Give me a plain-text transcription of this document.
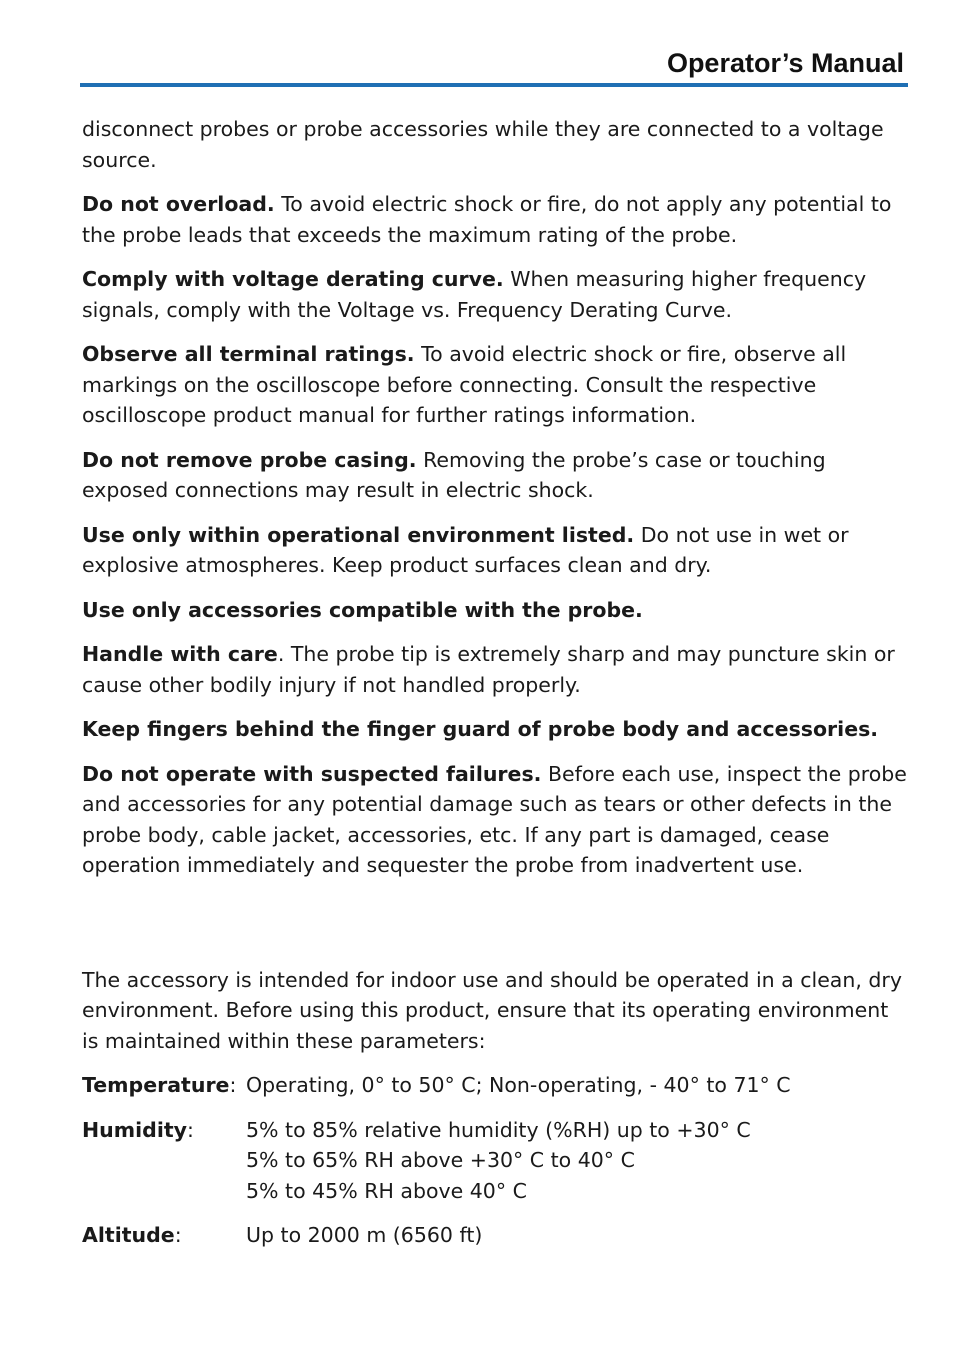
Operator’s Manual

disconnect probes or probe accessories while they are connected to a voltage source.

Do not overload. To avoid electric shock or fire, do not apply any potential to the probe leads that exceeds the maximum rating of the probe.

Comply with voltage derating curve. When measuring higher frequency signals, comply with the Voltage vs. Frequency Derating Curve.

Observe all terminal ratings. To avoid electric shock or fire, observe all markings on the oscilloscope before connecting. Consult the respective oscilloscope product manual for further ratings information.

Do not remove probe casing. Removing the probe’s case or touching exposed connections may result in electric shock.

Use only within operational environment listed. Do not use in wet or explosive atmospheres. Keep product surfaces clean and dry.

Use only accessories compatible with the probe.

Handle with care. The probe tip is extremely sharp and may puncture skin or cause other bodily injury if not handled properly.

Keep fingers behind the finger guard of probe body and accessories.

Do not operate with suspected failures. Before each use, inspect the probe and accessories for any potential damage such as tears or other defects in the probe body, cable jacket, accessories, etc. If any part is damaged, cease operation immediately and sequester the probe from inadvertent use.

The accessory is intended for indoor use and should be operated in a clean, dry environment. Before using this product, ensure that its operating environment is maintained within these parameters:

Temperature: Operating, 0° to 50° C; Non-operating, - 40° to 71° C
Humidity:	5% to 85% relative humidity (%RH) up to +30° C
5% to 65% RH above +30° C to 40° C
5% to 45% RH above 40° C
Altitude:	Up to 2000 m (6560 ft)
